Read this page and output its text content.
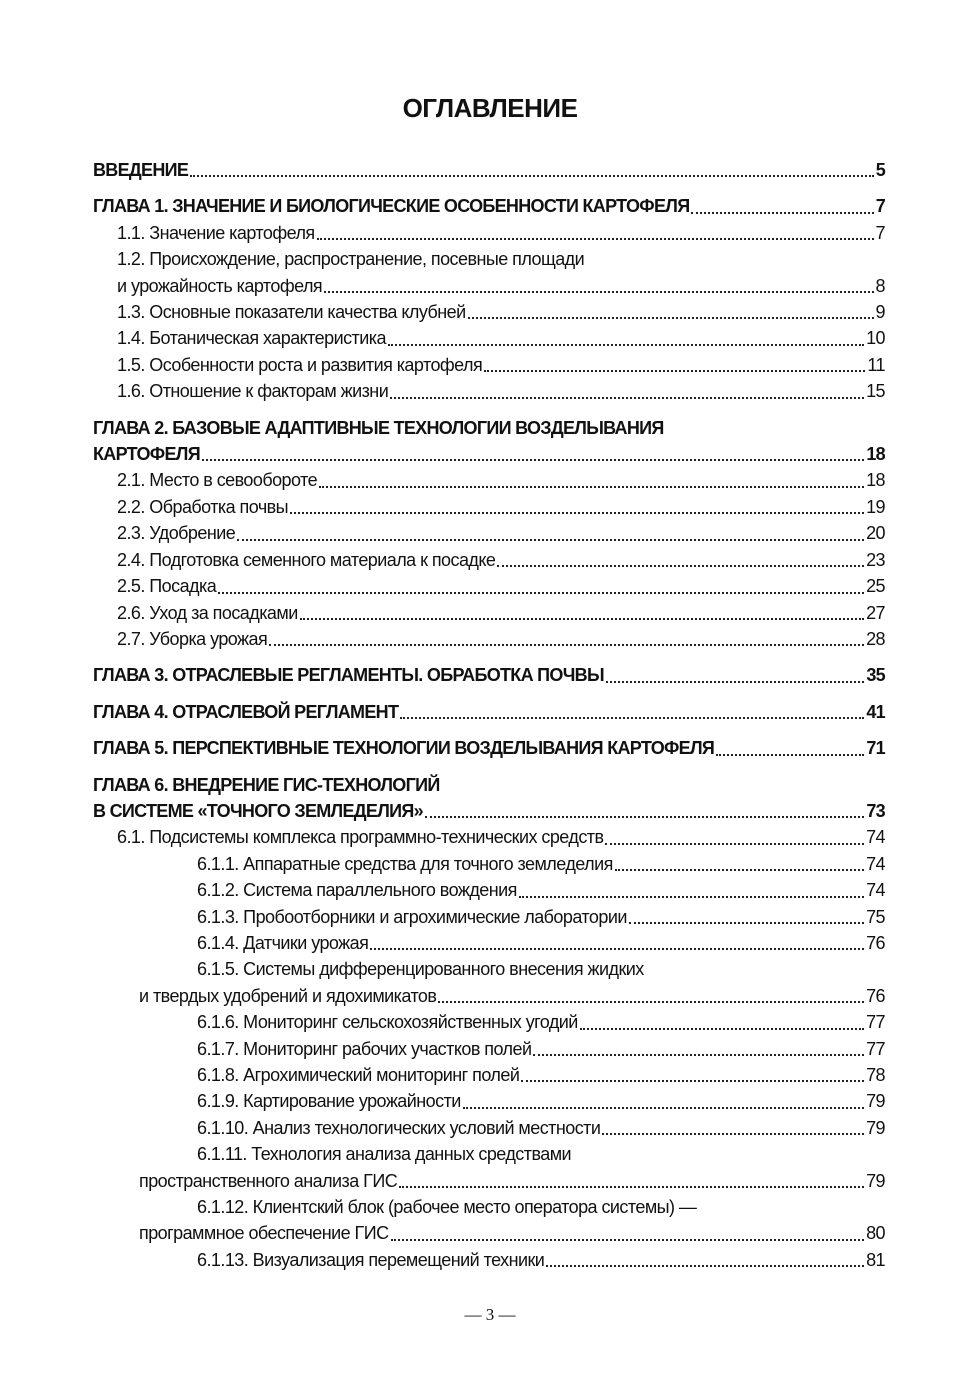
ОГЛАВЛЕНИЕ
ВВЕДЕНИЕ	5
ГЛАВА 1. ЗНАЧЕНИЕ И БИОЛОГИЧЕСКИЕ ОСОБЕННОСТИ КАРТОФЕЛЯ	7
1.1. Значение картофеля	7
1.2. Происхождение, распространение, посевные площади
и урожайность картофеля	8
1.3. Основные показатели качества клубней	9
1.4. Ботаническая характеристика	10
1.5. Особенности роста и развития картофеля	11
1.6. Отношение к факторам жизни	15
ГЛАВА 2. БАЗОВЫЕ АДАПТИВНЫЕ ТЕХНОЛОГИИ ВОЗДЕЛЫВАНИЯ
КАРТОФЕЛЯ	18
2.1. Место в севообороте	18
2.2. Обработка почвы	19
2.3. Удобрение	20
2.4. Подготовка семенного материала к посадке	23
2.5. Посадка	25
2.6. Уход за посадками	27
2.7. Уборка урожая	28
ГЛАВА 3. ОТРАСЛЕВЫЕ РЕГЛАМЕНТЫ. ОБРАБОТКА ПОЧВЫ	35
ГЛАВА 4. ОТРАСЛЕВОЙ РЕГЛАМЕНТ	41
ГЛАВА 5. ПЕРСПЕКТИВНЫЕ ТЕХНОЛОГИИ ВОЗДЕЛЫВАНИЯ КАРТОФЕЛЯ	71
ГЛАВА 6. ВНЕДРЕНИЕ ГИС-ТЕХНОЛОГИЙ
В СИСТЕМЕ «ТОЧНОГО ЗЕМЛЕДЕЛИЯ»	73
6.1. Подсистемы комплекса программно-технических средств	74
6.1.1. Аппаратные средства для точного земледелия	74
6.1.2. Система параллельного вождения	74
6.1.3. Пробоотборники и агрохимические лаборатории	75
6.1.4. Датчики урожая	76
6.1.5. Системы дифференцированного внесения жидких
и твердых удобрений и ядохимикатов	76
6.1.6. Мониторинг сельскохозяйственных угодий	77
6.1.7. Мониторинг рабочих участков полей	77
6.1.8. Агрохимический мониторинг полей	78
6.1.9. Картирование урожайности	79
6.1.10. Анализ технологических условий местности	79
6.1.11. Технология анализа данных средствами
пространственного анализа ГИС	79
6.1.12. Клиентский блок (рабочее место оператора системы) —
программное обеспечение ГИС	80
6.1.13. Визуализация перемещений техники	81
— 3 —
